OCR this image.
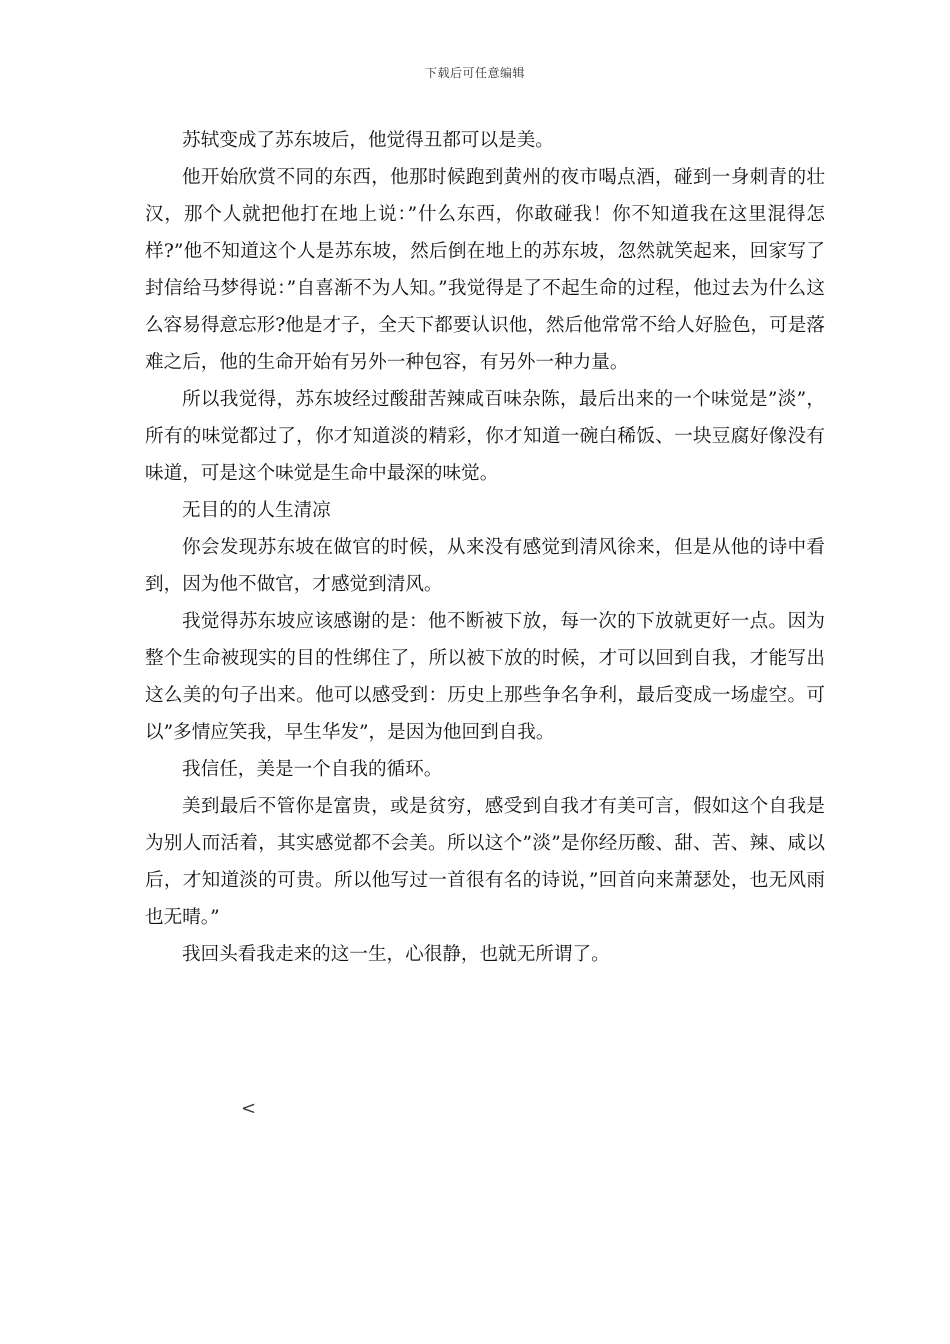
下载后可任意编辑

苏轼变成了苏东坡后，他觉得丑都可以是美。

他开始欣赏不同的东西，他那时候跑到黄州的夜市喝点酒，碰到一身刺青的壮汉，那个人就把他打在地上说：”什么东西，你敢碰我！你不知道我在这里混得怎样?”他不知道这个人是苏东坡，然后倒在地上的苏东坡，忽然就笑起来，回家写了封信给马梦得说：”自喜渐不为人知。”我觉得是了不起生命的过程，他过去为什么这么容易得意忘形?他是才子，全天下都要认识他，然后他常常不给人好脸色，可是落难之后，他的生命开始有另外一种包容，有另外一种力量。

所以我觉得，苏东坡经过酸甜苦辣咸百味杂陈，最后出来的一个味觉是”淡”，所有的味觉都过了，你才知道淡的精彩，你才知道一碗白稀饭、一块豆腐好像没有味道，可是这个味觉是生命中最深的味觉。

无目的的人生清凉

你会发现苏东坡在做官的时候，从来没有感觉到清风徐来，但是从他的诗中看到，因为他不做官，才感觉到清风。

我觉得苏东坡应该感谢的是：他不断被下放，每一次的下放就更好一点。因为整个生命被现实的目的性绑住了，所以被下放的时候，才可以回到自我，才能写出这么美的句子出来。他可以感受到：历史上那些争名争利，最后变成一场虚空。可以”多情应笑我，早生华发”，是因为他回到自我。

我信任，美是一个自我的循环。

美到最后不管你是富贵，或是贫穷，感受到自我才有美可言，假如这个自我是为别人而活着，其实感觉都不会美。所以这个”淡”是你经历酸、甜、苦、辣、咸以后，才知道淡的可贵。所以他写过一首很有名的诗说，”回首向来萧瑟处，也无风雨也无晴。”

我回头看我走来的这一生，心很静，也就无所谓了。

<
